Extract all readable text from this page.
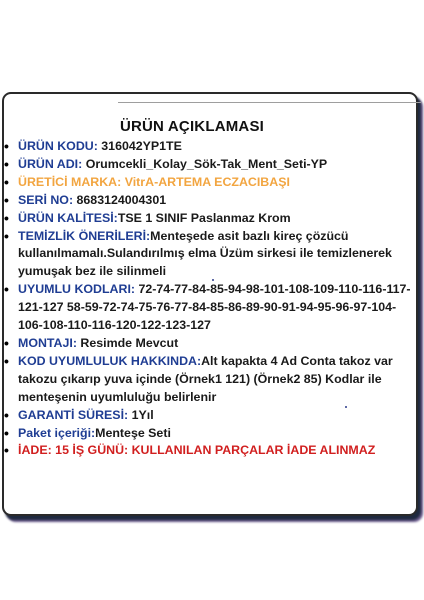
ÜRÜN AÇIKLAMASI
• ÜRÜN KODU: 316042YP1TE
• ÜRÜN ADI: Orumcekli_Kolay_Sök-Tak_Ment_Seti-YP
• ÜRETİCİ MARKA: VitrA-ARTEMA ECZACIBAŞI
• SERİ NO: 8683124004301
• ÜRÜN KALİTESİ:TSE 1 SINIF Paslanmaz Krom
• TEMİZLİK ÖNERİLERİ:Menteşede asit bazlı kireç çözücü kullanılmamalı.Sulandırılmış elma Üzüm sirkesi ile temizlenerek yumuşak bez ile silinmeli
• UYUMLU KODLARI: 72-74-77-84-85-94-98-101-108-109-110-116-117-121-127 58-59-72-74-75-76-77-84-85-86-89-90-91-94-95-96-97-104-106-108-110-116-120-122-123-127
• MONTAJI: Resimde Mevcut
• KOD UYUMLULUK HAKKINDA:Alt kapakta 4 Ad Conta takoz var takozu çıkarıp yuva içinde (Örnek1 121) (Örnek2 85) Kodlar ile menteşenin uyumluluğu belirlenir
• GARANTİ SÜRESİ: 1Yıl
• Paket içeriği:Menteşe Seti
• İADE: 15 İŞ GÜNÜ: KULLANILAN PARÇALAR İADE ALINMAZ
